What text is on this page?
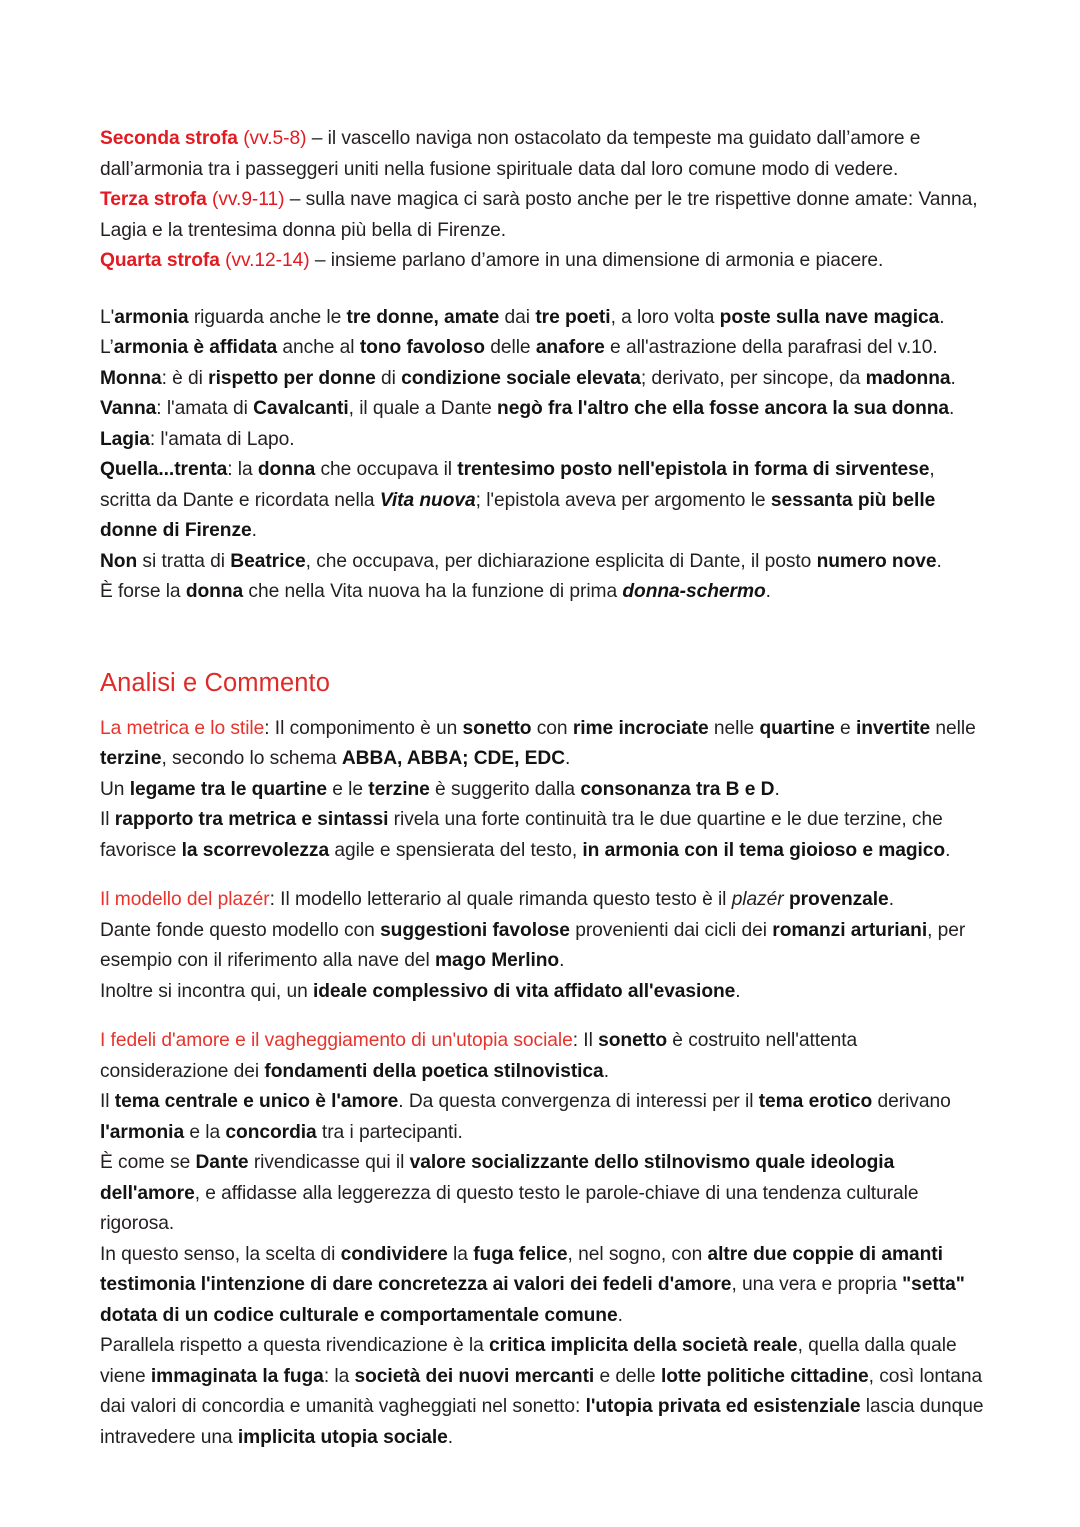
Seconda strofa (vv.5-8) – il vascello naviga non ostacolato da tempeste ma guidato dall’amore e dall’armonia tra i passeggeri uniti nella fusione spirituale data dal loro comune modo di vedere.

Terza strofa (vv.9-11) – sulla nave magica ci sarà posto anche per le tre rispettive donne amate: Vanna, Lagia e la trentesima donna più bella di Firenze.

Quarta strofa (vv.12-14) – insieme parlano d’amore in una dimensione di armonia e piacere.

L'armonia riguarda anche le tre donne, amate dai tre poeti, a loro volta poste sulla nave magica.

L’armonia è affidata anche al tono favoloso delle anafore e all'astrazione della parafrasi del v.10.

Monna: è di rispetto per donne di condizione sociale elevata; derivato, per sincope, da madonna.

Vanna: l'amata di Cavalcanti, il quale a Dante negò fra l'altro che ella fosse ancora la sua donna.

Lagia: l'amata di Lapo.

Quella...trenta: la donna che occupava il trentesimo posto nell'epistola in forma di sirventese, scritta da Dante e ricordata nella Vita nuova; l'epistola aveva per argomento le sessanta più belle donne di Firenze.

Non si tratta di Beatrice, che occupava, per dichiarazione esplicita di Dante, il posto numero nove.

È forse la donna che nella Vita nuova ha la funzione di prima donna-schermo.

Analisi e Commento

La metrica e lo stile: Il componimento è un sonetto con rime incrociate nelle quartine e invertite nelle terzine, secondo lo schema ABBA, ABBA; CDE, EDC.

Un legame tra le quartine e le terzine è suggerito dalla consonanza tra B e D.

Il rapporto tra metrica e sintassi rivela una forte continuità tra le due quartine e le due terzine, che favorisce la scorrevolezza agile e spensierata del testo, in armonia con il tema gioioso e magico.

Il modello del plazér: Il modello letterario al quale rimanda questo testo è il plazér provenzale.

Dante fonde questo modello con suggestioni favolose provenienti dai cicli dei romanzi arturiani, per esempio con il riferimento alla nave del mago Merlino.

Inoltre si incontra qui, un ideale complessivo di vita affidato all'evasione.

I fedeli d'amore e il vagheggiamento di un'utopia sociale: Il sonetto è costruito nell'attenta considerazione dei fondamenti della poetica stilnovistica.

Il tema centrale e unico è l'amore. Da questa convergenza di interessi per il tema erotico derivano l'armonia e la concordia tra i partecipanti.

È come se Dante rivendicasse qui il valore socializzante dello stilnovismo quale ideologia dell'amore, e affidasse alla leggerezza di questo testo le parole-chiave di una tendenza culturale rigorosa.

In questo senso, la scelta di condividere la fuga felice, nel sogno, con altre due coppie di amanti testimonia l'intenzione di dare concretezza ai valori dei fedeli d'amore, una vera e propria "setta" dotata di un codice culturale e comportamentale comune.

Parallela rispetto a questa rivendicazione è la critica implicita della società reale, quella dalla quale viene immaginata la fuga: la società dei nuovi mercanti e delle lotte politiche cittadine, così lontana dai valori di concordia e umanità vagheggiati nel sonetto: l'utopia privata ed esistenziale lascia dunque intravedere una implicita utopia sociale.
